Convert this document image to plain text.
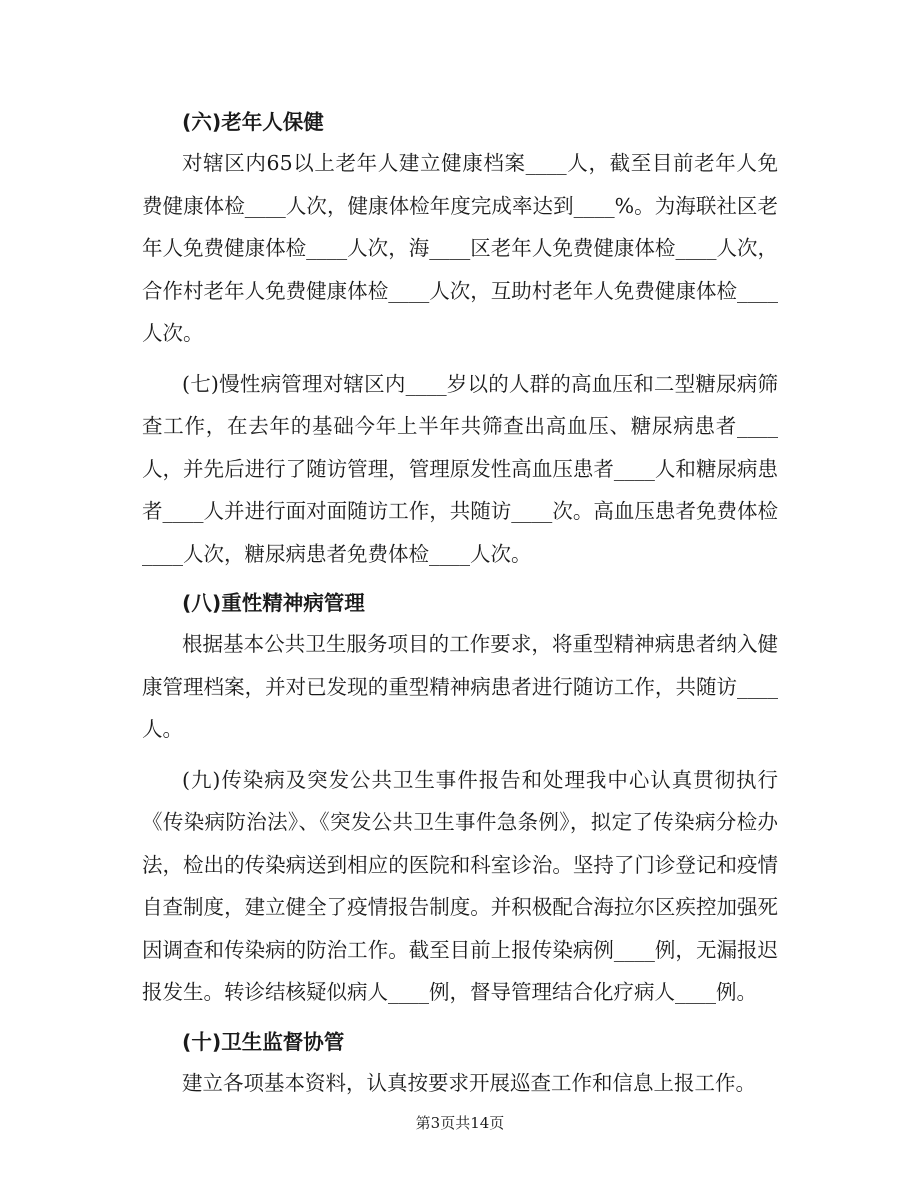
(六)老年人保健

对辖区内65以上老年人建立健康档案____人，截至目前老年人免费健康体检____人次，健康体检年度完成率达到____%。为海联社区老年人免费健康体检____人次，海____区老年人免费健康体检____人次，合作村老年人免费健康体检____人次，互助村老年人免费健康体检____人次。

(七)慢性病管理对辖区内____岁以的人群的高血压和二型糖尿病筛查工作，在去年的基础今年上半年共筛查出高血压、糖尿病患者____人，并先后进行了随访管理，管理原发性高血压患者____人和糖尿病患者____人并进行面对面随访工作，共随访____次。高血压患者免费体检____人次，糖尿病患者免费体检____人次。

(八)重性精神病管理

根据基本公共卫生服务项目的工作要求，将重型精神病患者纳入健康管理档案，并对已发现的重型精神病患者进行随访工作，共随访____人。

(九)传染病及突发公共卫生事件报告和处理我中心认真贯彻执行《传染病防治法》、《突发公共卫生事件急条例》，拟定了传染病分检办法，检出的传染病送到相应的医院和科室诊治。坚持了门诊登记和疫情自查制度，建立健全了疫情报告制度。并积极配合海拉尔区疾控加强死因调查和传染病的防治工作。截至目前上报传染病例____例，无漏报迟报发生。转诊结核疑似病人____例，督导管理结合化疗病人____例。

(十)卫生监督协管

建立各项基本资料，认真按要求开展巡查工作和信息上报工作。

第3页共14页
